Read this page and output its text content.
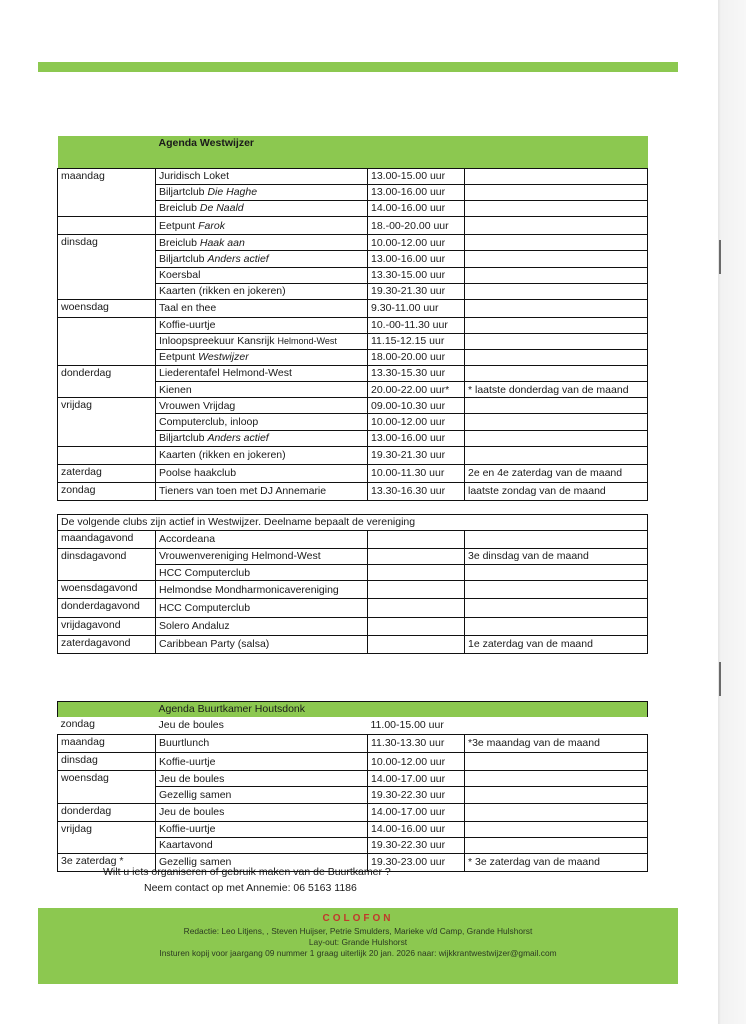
	Agenda Westwijzer		
maandag	Juridisch Loket	13.00-15.00 uur	
	Biljartclub Die Haghe	13.00-16.00 uur	
	Breiclub De Naald	14.00-16.00 uur	
	Eetpunt Farok	18.-00-20.00 uur	
dinsdag	Breiclub Haak aan	10.00-12.00 uur	
	Biljartclub Anders actief	13.00-16.00 uur	
	Koersbal	13.30-15.00 uur	
	Kaarten (rikken en jokeren)	19.30-21.30 uur	
woensdag	Taal en thee	9.30-11.00 uur	
	Koffie-uurtje	10.-00-11.30 uur	
	Inloopspreekuur Kansrijk Helmond-West	11.15-12.15 uur	
	Eetpunt Westwijzer	18.00-20.00 uur	
donderdag	Liederentafel Helmond-West	13.30-15.30 uur	
	Kienen	20.00-22.00 uur*	* laatste donderdag van de maand
vrijdag	Vrouwen Vrijdag	09.00-10.30 uur	
	Computerclub, inloop	10.00-12.00 uur	
	Biljartclub Anders actief	13.00-16.00 uur	
	Kaarten (rikken en jokeren)	19.30-21.30 uur	
zaterdag	Poolse haakclub	10.00-11.30 uur	2e en 4e zaterdag van de maand
zondag	Tieners van toen met DJ Annemarie	13.30-16.30 uur	laatste zondag van de maand
De volgende clubs zijn actief in Westwijzer. Deelname bepaalt de vereniging			
maandagavond	Accordeana		
dinsdagavond	Vrouwenvereniging Helmond-West		3e dinsdag van de maand
	HCC Computerclub		
woensdagavond	Helmondse Mondharmonicavereniging		
donderdagavond	HCC Computerclub		
vrijdagavond	Solero Andaluz		
zaterdagavond	Caribbean Party (salsa)		1e zaterdag van de maand
	Agenda Buurtkamer Houtsdonk		
zondag	Jeu de boules	11.00-15.00 uur	
maandag	Buurtlunch	11.30-13.30 uur	*3e maandag van de maand
dinsdag	Koffie-uurtje	10.00-12.00 uur	
woensdag	Jeu de boules	14.00-17.00 uur	
	Gezellig samen	19.30-22.30 uur	
donderdag	Jeu de boules	14.00-17.00 uur	
vrijdag	Koffie-uurtje	14.00-16.00 uur	
	Kaartavond	19.30-22.30 uur	
3e zaterdag *	Gezellig samen	19.30-23.00 uur	* 3e zaterdag van de maand
Wilt u iets organiseren of gebruik maken van de Buurtkamer ?
Neem contact op met Annemie: 06 5163 1186
COLOFON
Redactie: Leo Litjens, , Steven Huijser, Petrie Smulders, Marieke v/d Camp, Grande Hulshorst
Lay-out: Grande Hulshorst
Insturen kopij voor jaargang 09 nummer 1 graag uiterlijk 20 jan. 2026 naar: wijkkrantwestwijzer@gmail.com
